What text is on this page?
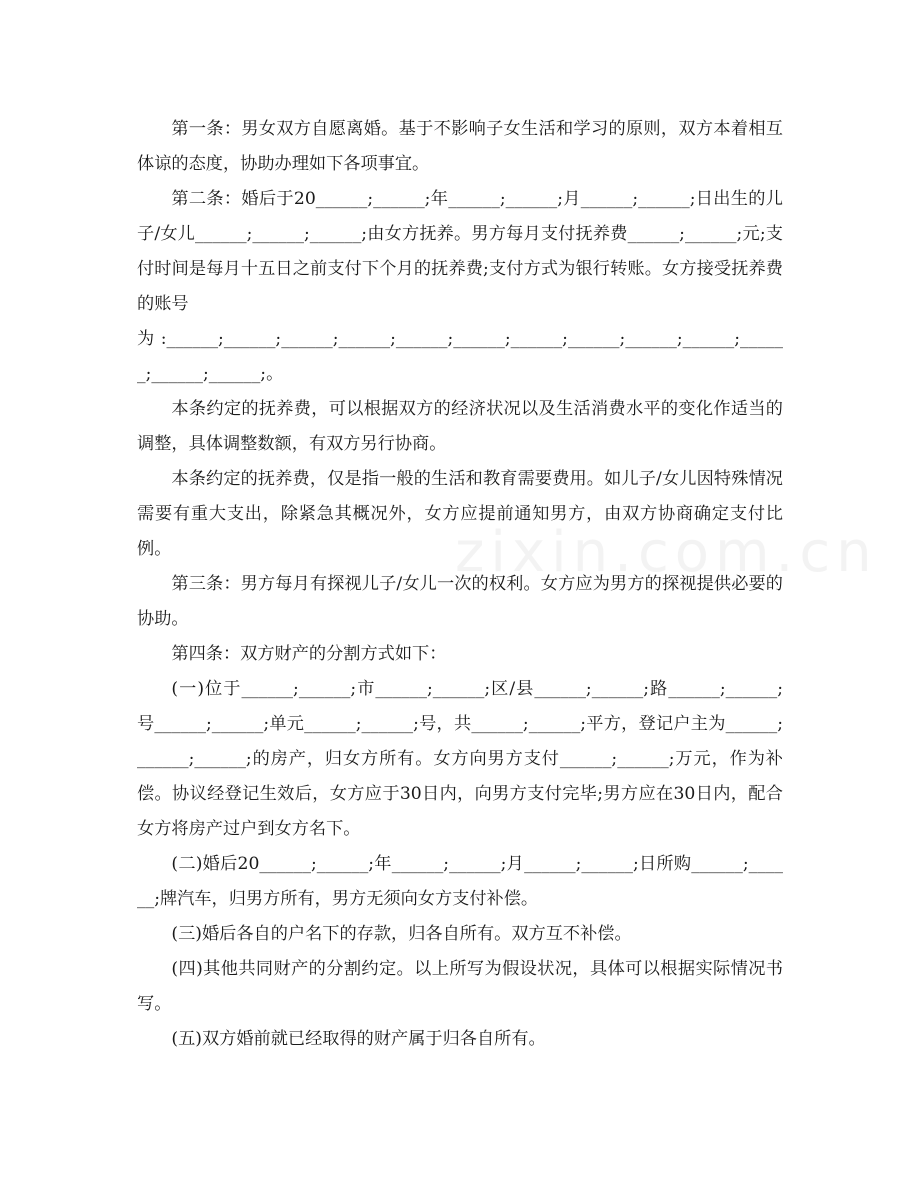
第一条：男女双方自愿离婚。基于不影响子女生活和学习的原则，双方本着相互体谅的态度，协助办理如下各项事宜。

第二条：婚后于20______;______;年______;______;月______;______;日出生的儿子/女儿______;______;______;由女方抚养。男方每月支付抚养费______;______;元;支付时间是每月十五日之前支付下个月的抚养费;支付方式为银行转账。女方接受抚养费的账号

为:______;______;______;______;______;______;______;______;______;______;______;______;______;。

本条约定的抚养费，可以根据双方的经济状况以及生活消费水平的变化作适当的调整，具体调整数额，有双方另行协商。

本条约定的抚养费，仅是指一般的生活和教育需要费用。如儿子/女儿因特殊情况需要有重大支出，除紧急其概况外，女方应提前通知男方，由双方协商确定支付比例。

第三条：男方每月有探视儿子/女儿一次的权利。女方应为男方的探视提供必要的协助。

第四条：双方财产的分割方式如下：

(一)位于______;______;市______;______;区/县______;______;路______;______;号______;______;单元______;______;号，共______;______;平方，登记户主为______;______;______;的房产，归女方所有。女方向男方支付______;______;万元，作为补偿。协议经登记生效后，女方应于30日内，向男方支付完毕;男方应在30日内，配合女方将房产过户到女方名下。

(二)婚后20______;______;年______;______;月______;______;日所购______;______;牌汽车，归男方所有，男方无须向女方支付补偿。

(三)婚后各自的户名下的存款，归各自所有。双方互不补偿。

(四)其他共同财产的分割约定。以上所写为假设状况，具体可以根据实际情况书写。

(五)双方婚前就已经取得的财产属于归各自所有。

zixin.com.cn
